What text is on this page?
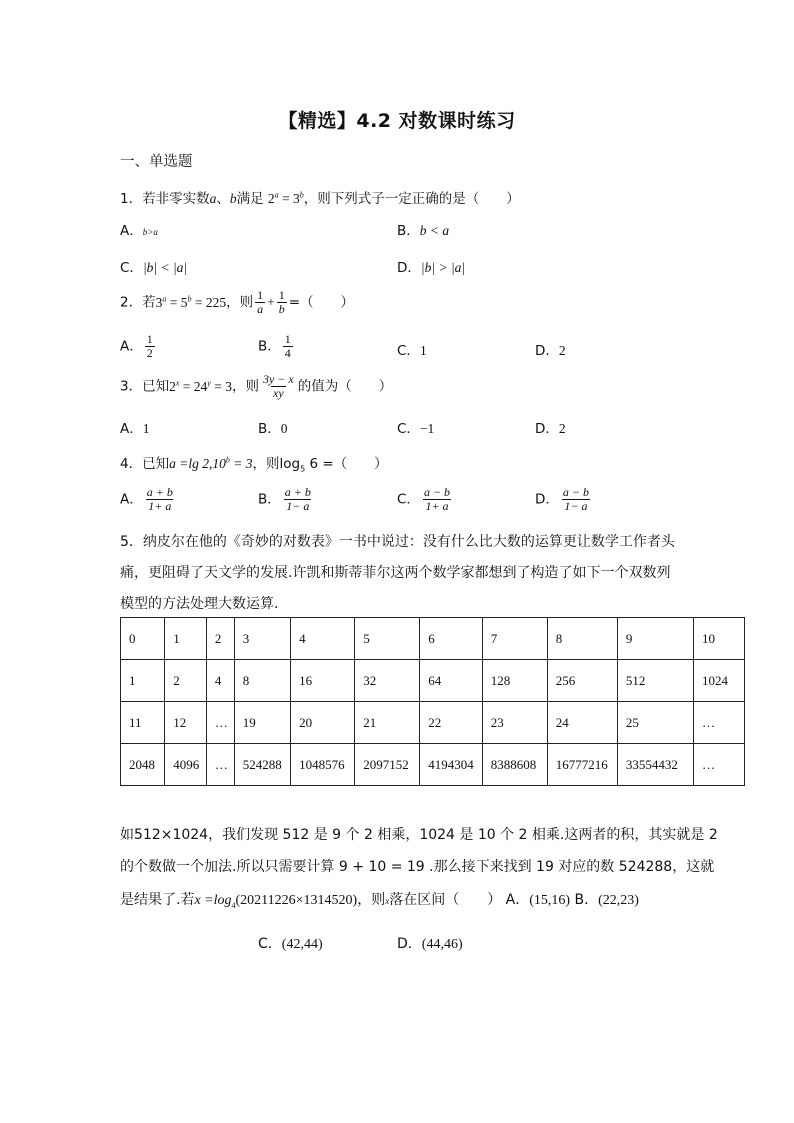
【精选】4.2 对数课时练习
一、单选题
1．若非零实数a、b满足 $2^a = 3^b$，则下列式子一定正确的是（　　）
A．b>a	B．b < a
C．|b| < |a|	D．|b| > |a|
2．若$3^a = 5^b = 225$，则 $\frac{1}{a} + \frac{1}{b}$ =（　　）
A． $\frac{1}{2}$	B． $\frac{1}{4}$	C．1	D．2
3．已知$2^x = 24^y = 3$，则 $\frac{3y - x}{xy}$ 的值为（　　）
A．1	B．0	C．−1	D．2
4．已知a =lg 2,10$^b$ = 3，则$\log_5 6$ =（　　）
A． $\frac{a + b}{1+ a}$	B． $\frac{a + b}{1- a}$	C． $\frac{a - b}{1+ a}$	D． $\frac{a - b}{1- a}$
5．纳皮尔在他的《奇妙的对数表》一书中说过：没有什么比大数的运算更让数学工作者头
痛，更阻碍了天文学的发展.许凯和斯蒂菲尔这两个数学家都想到了构造了如下一个双数列
模型的方法处理大数运算.
0	1	2	3	4	5	6	7	8	9	10
1	2	4	8	16	32	64	128	256	512	1024
11	12	…	19	20	21	22	23	24	25	…
2048	4096	…	524288	1048576	2097152	4194304	8388608	16777216	33554432	…
如512×1024，我们发现 512 是 9 个 2 相乘，1024 是 10 个 2 相乘.这两者的积，其实就是 2
的个数做一个加法.所以只需要计算 9 + 10 = 19 .那么接下来找到 19 对应的数 524288，这就
是结果了.若$x =\log_4(20211226\times 1314520)$，则x落在区间（　　） A．(15,16) B．(22,23)
C．(42,44)	D．(44,46)
